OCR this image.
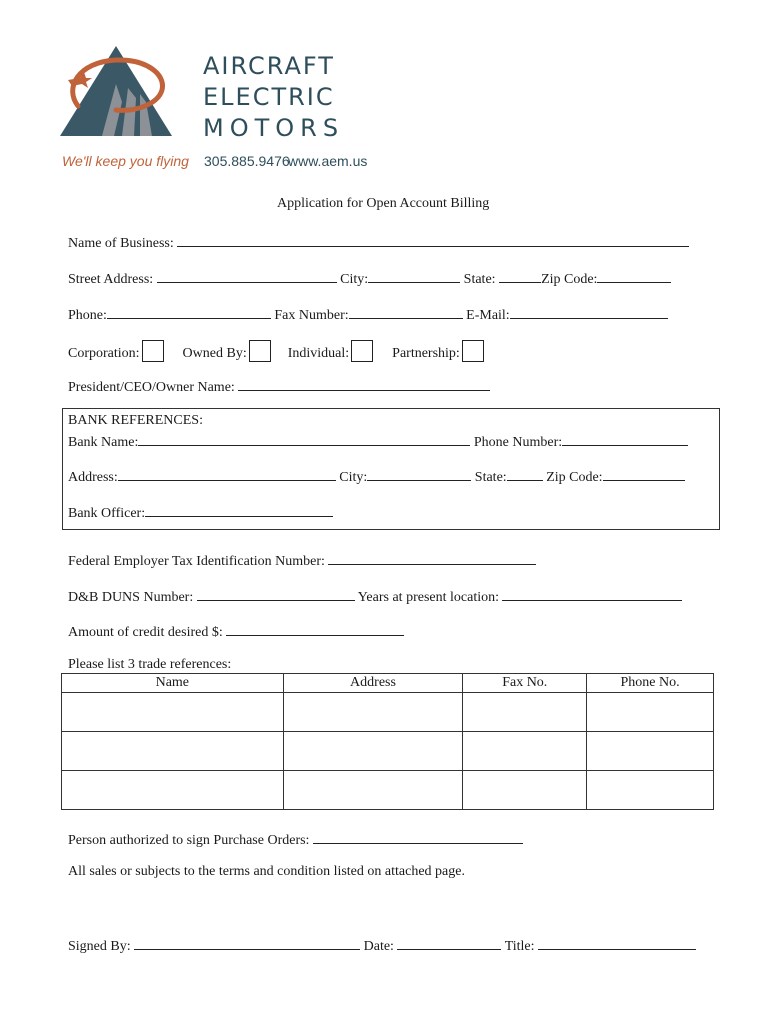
AIRCRAFT
ELECTRIC
MOTORS
We'll keep you flying 305.885.9476
www.aem.us
Application for Open Account Billing
Name of Business:
Street Address:	City:	State:	Zip Code:
Phone:	Fax Number:	E-Mail:
Corporation:	Owned By:	Individual:	Partnership:
President/CEO/Owner Name:
BANK REFERENCES:
Bank Name:	Phone Number:
Address:	City:	State:	Zip Code:
Bank Officer:
Federal Employer Tax Identification Number:
D&B DUNS Number:	Years at present location:
Amount of credit desired $:
Please list 3 trade references:
Name	Address	Fax No.	Phone No.

Person authorized to sign Purchase Orders:
All sales or subjects to the terms and condition listed on attached page.
Signed By:	Date:	Title:
